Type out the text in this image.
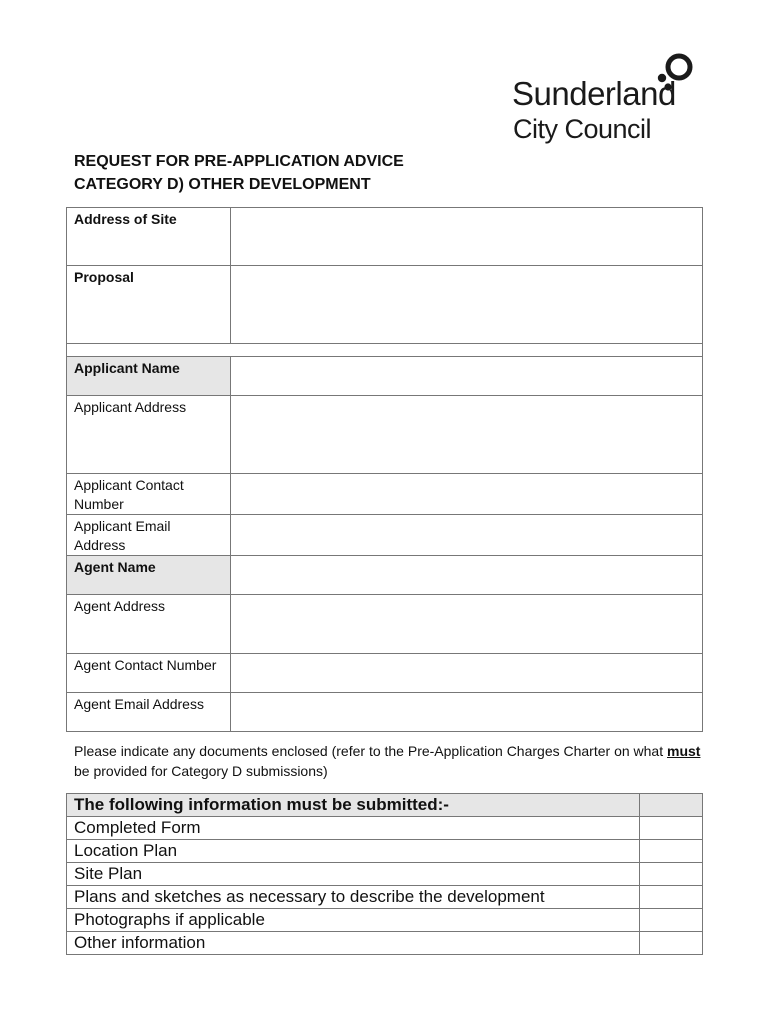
Sunderland
City Council
REQUEST FOR PRE-APPLICATION ADVICE
CATEGORY D) OTHER DEVELOPMENT
Address of Site	
Proposal	

Applicant Name	
Applicant Address	
Applicant Contact Number	
Applicant Email Address	
Agent Name	
Agent Address	
Agent Contact Number	
Agent Email Address	
Please indicate any documents enclosed (refer to the Pre-Application Charges Charter on what must be provided for Category D submissions)
The following information must be submitted:-	
Completed Form	
Location Plan	
Site Plan	
Plans and sketches as necessary to describe the development	
Photographs if applicable	
Other information	
